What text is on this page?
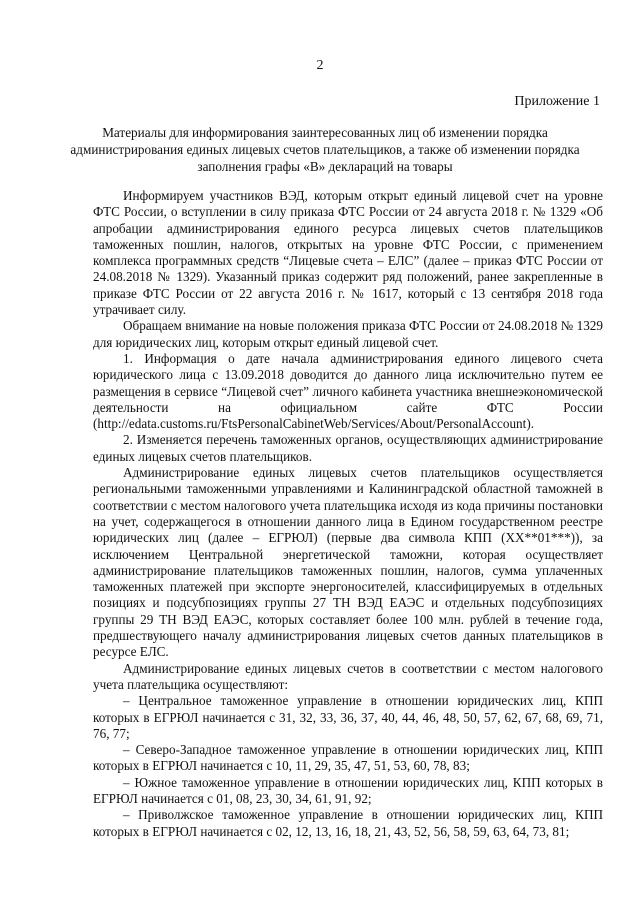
2
Приложение 1
Материалы для информирования заинтересованных лиц об изменении порядка администрирования единых лицевых счетов плательщиков, а также об изменении порядка заполнения графы «В» деклараций на товары

Информируем участников ВЭД, которым открыт единый лицевой счет на уровне ФТС России, о вступлении в силу приказа ФТС России от 24 августа 2018 г. № 1329 «Об апробации администрирования единого ресурса лицевых счетов плательщиков таможенных пошлин, налогов, открытых на уровне ФТС России, с применением комплекса программных средств “Лицевые счета – ЕЛС” (далее – приказ ФТС России от 24.08.2018 № 1329). Указанный приказ содержит ряд положений, ранее закрепленные в приказе ФТС России от 22 августа 2016 г. № 1617, который с 13 сентября 2018 года утрачивает силу.

Обращаем внимание на новые положения приказа ФТС России от 24.08.2018 № 1329 для юридических лиц, которым открыт единый лицевой счет.

1. Информация о дате начала администрирования единого лицевого счета юридического лица с 13.09.2018 доводится до данного лица исключительно путем ее размещения в сервисе “Лицевой счет” личного кабинета участника внешнеэкономической деятельности на официальном сайте ФТС России (http://edata.customs.ru/FtsPersonalCabinetWeb/Services/About/PersonalAccount).

2. Изменяется перечень таможенных органов, осуществляющих администрирование единых лицевых счетов плательщиков.

Администрирование единых лицевых счетов плательщиков осуществляется региональными таможенными управлениями и Калининградской областной таможней в соответствии с местом налогового учета плательщика исходя из кода причины постановки на учет, содержащегося в отношении данного лица в Едином государственном реестре юридических лиц (далее – ЕГРЮЛ) (первые два символа КПП (XX**01***)), за исключением Центральной энергетической таможни, которая осуществляет администрирование плательщиков таможенных пошлин, налогов, сумма уплаченных таможенных платежей при экспорте энергоносителей, классифицируемых в отдельных позициях и подсубпозициях группы 27 ТН ВЭД ЕАЭС и отдельных подсубпозициях группы 29 ТН ВЭД ЕАЭС, которых составляет более 100 млн. рублей в течение года, предшествующего началу администрирования лицевых счетов данных плательщиков в ресурсе ЕЛС.

Администрирование единых лицевых счетов в соответствии с местом налогового учета плательщика осуществляют:

– Центральное таможенное управление в отношении юридических лиц, КПП которых в ЕГРЮЛ начинается с 31, 32, 33, 36, 37, 40, 44, 46, 48, 50, 57, 62, 67, 68, 69, 71, 76, 77;

– Северо-Западное таможенное управление в отношении юридических лиц, КПП которых в ЕГРЮЛ начинается с 10, 11, 29, 35, 47, 51, 53, 60, 78, 83;

– Южное таможенное управление в отношении юридических лиц, КПП которых в ЕГРЮЛ начинается с 01, 08, 23, 30, 34, 61, 91, 92;

– Приволжское таможенное управление в отношении юридических лиц, КПП которых в ЕГРЮЛ начинается с 02, 12, 13, 16, 18, 21, 43, 52, 56, 58, 59, 63, 64, 73, 81;
